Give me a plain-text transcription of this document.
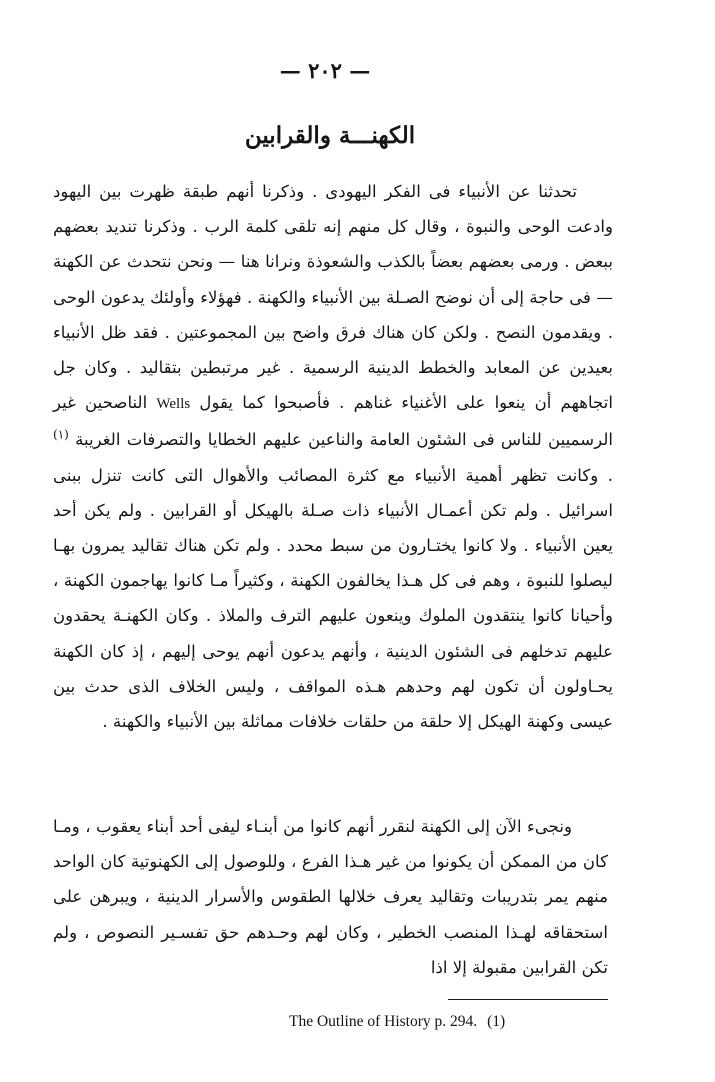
— ٢٠٢ —
الكهنـــة والقرابين

تحدثنا عن الأنبياء فى الفكر اليهودى . وذكرنا أنهم طبقة ظهرت بين اليهود وادعت الوحى والنبوة ، وقال كل منهم إنه تلقى كلمة الرب . وذكرنا تنديد بعضهم ببعض . ورمى بعضهم بعضاً بالكذب والشعوذة ونرانا هنا — ونحن نتحدث عن الكهنة — فى حاجة إلى أن نوضح الصـلة بين الأنبياء والكهنة . فهؤلاء وأولئك يدعون الوحى . ويقدمون النصح . ولكن كان هناك فرق واضح بين المجموعتين . فقد ظل الأنبياء بعيدين عن المعابد والخطط الدينية الرسمية . غير مرتبطين بتقاليد . وكان جل اتجاههم أن ينعوا على الأغنياء غناهم . فأصبحوا كما يقول Wells الناصحين غير الرسميين للناس فى الشئون العامة والناعين عليهم الخطايا والتصرفات الغريبة $^{(١)}$ . وكانت تظهر أهمية الأنبياء مع كثرة المصائب والأهوال التى كانت تنزل ببنى اسرائيل . ولم تكن أعمـال الأنبياء ذات صـلة بالهيكل أو القرابين . ولم يكن أحد يعين الأنبياء . ولا كانوا يختـارون من سبط محدد . ولم تكن هناك تقاليد يمرون بهـا ليصلوا للنبوة ، وهم فى كل هـذا يخالفون الكهنة ، وكثيراً مـا كانوا يهاجمون الكهنة ، وأحيانا كانوا ينتقدون الملوك وينعون عليهم الترف والملاذ . وكان الكهنـة يحقدون عليهم تدخلهم فى الشئون الدينية ، وأنهم يدعون أنهم يوحى إليهم ، إذ كان الكهنة يحـاولون أن تكون لهم وحدهم هـذه المواقف ، وليس الخلاف الذى حدث بين عيسى وكهنة الهيكل إلا حلقة من حلقات خلافات مماثلة بين الأنبياء والكهنة .

ونجىء الآن إلى الكهنة لنقرر أنهم كانوا من أبنـاء ليفى أحد أبناء يعقوب ، ومـا كان من الممكن أن يكونوا من غير هـذا الفرع ، وللوصول إلى الكهنوتية كان الواحد منهم يمر بتدريبات وتقاليد يعرف خلالها الطقوس والأسرار الدينية ، ويبرهن على استحقاقه لهـذا المنصب الخطير ، وكان لهم وحـدهم حق تفسـير النصوص ، ولم تكن القرابين مقبولة إلا اذا

The Outline of History p. 294. (1)
